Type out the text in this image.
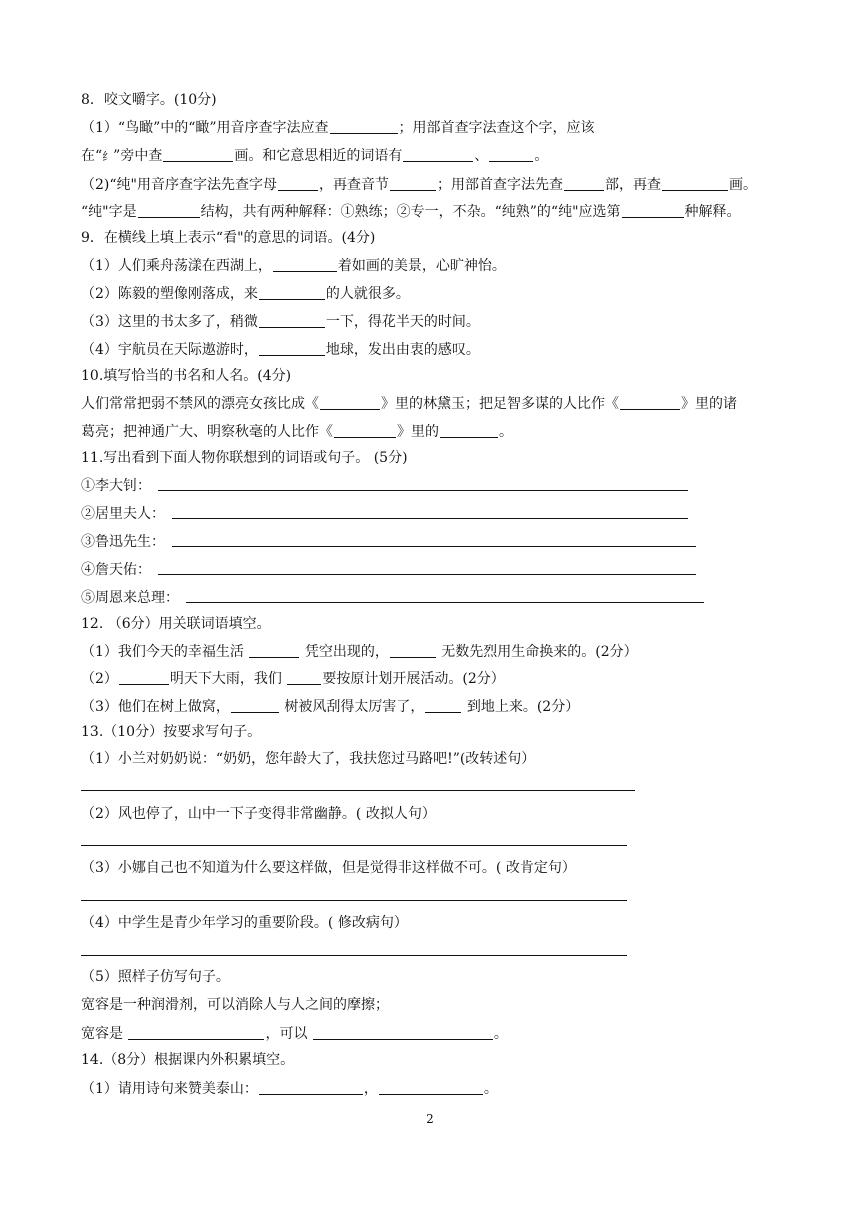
8．咬文嚼字。(10分)
（1）“鸟瞰”中的“瞰”用音序查字法应查	；用部首查字法查这个字，应该
在“纟”旁中查	画。和它意思相近的词语有	、	。
（2)“纯"用音序查字法先查字母	，再查音节	；用部首查字法先查	部，再查	画。
“纯"字是	结构，共有两种解释：①熟练；②专一，不杂。“纯熟”的“纯"应选第	种解释。
9．在横线上填上表示“看"的意思的词语。(4分)
（1）人们乘舟荡漾在西湖上，	着如画的美景，心旷神怡。
（2）陈毅的塑像刚落成，来	的人就很多。
（3）这里的书太多了，稍微	一下，得花半天的时间。
（4）宇航员在天际遨游时，	地球，发出由衷的感叹。
10.填写恰当的书名和人名。(4分)
人们常常把弱不禁风的漂亮女孩比成《	》里的林黛玉；把足智多谋的人比作《	》里的诸
葛亮；把神通广大、明察秋毫的人比作《	》里的	。
11.写出看到下面人物你联想到的词语或句子。 (5分)
①李大钊：
②居里夫人：
③鲁迅先生：
④詹天佑：
⑤周恩来总理：
12. （6分）用关联词语填空。
（1）我们今天的幸福生活	凭空出现的，	无数先烈用生命换来的。(2分）
（2）	明天下大雨，我们	要按原计划开展活动。(2分）
（3）他们在树上做窝，	树被风刮得太厉害了，	到地上来。(2分）
13.（10分）按要求写句子。
（1）小兰对奶奶说：“奶奶，您年龄大了，我扶您过马路吧!”(改转述句）
（2）风也停了，山中一下子变得非常幽静。( 改拟人句）
（3）小娜自己也不知道为什么要这样做，但是觉得非这样做不可。( 改肯定句）
（4）中学生是青少年学习的重要阶段。( 修改病句）
（5）照样子仿写句子。
宽容是一种润滑剂，可以消除人与人之间的摩擦；
宽容是	，可以	。
14.（8分）根据课内外积累填空。
（1）请用诗句来赞美泰山：	，	。
2
